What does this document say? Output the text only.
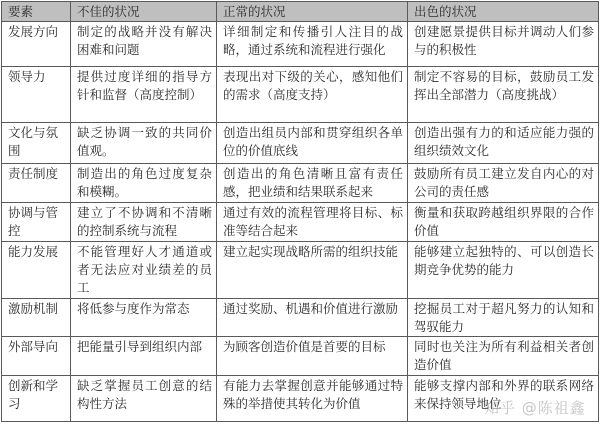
要素	不佳的状况	正常的状况	出色的状况
发展方向	制定的战略并没有解决困难和问题	详细制定和传播引人注目的战略，通过系统和流程进行强化	创建愿景提供目标并调动人们参与的积极性
领导力	提供过度详细的指导方针和监督（高度控制）	表现出对下级的关心，感知他们的需求（高度支持）	制定不容易的目标，鼓励员工发挥出全部潜力（高度挑战）
文化与氛围	缺乏协调一致的共同价值观。	创造出组员内部和贯穿组织各单位的价值底线	创造出强有力的和适应能力强的组织绩效文化
责任制度	制造出的角色过度复杂和模糊。	创造出的角色清晰且富有责任感，把业绩和结果联系起来	鼓励所有员工建立发自内心的对公司的责任感
协调与管控	建立了不协调和不清晰的控制系统与流程	通过有效的流程管理将目标、标准等结合起来	衡量和获取跨越组织界限的合作价值
能力发展	不能管理好人才通道或者无法应对业绩差的员工	建立起实现战略所需的组织技能	能够建立起独特的、可以创造长期竞争优势的能力
激励机制	将低参与度作为常态	通过奖励、机遇和价值进行激励	挖掘员工对于超凡努力的认知和驾驭能力
外部导向	把能量引导到组织内部	为顾客创造价值是首要的目标	同时也关注为所有利益相关者创造价值
创新和学习	缺乏掌握员工创意的结构性方法	有能力去掌握创意并能够通过特殊的举措使其转化为价值	能够支撑内部和外界的联系网络来保持领导地位
知乎 @陈祖鑫
